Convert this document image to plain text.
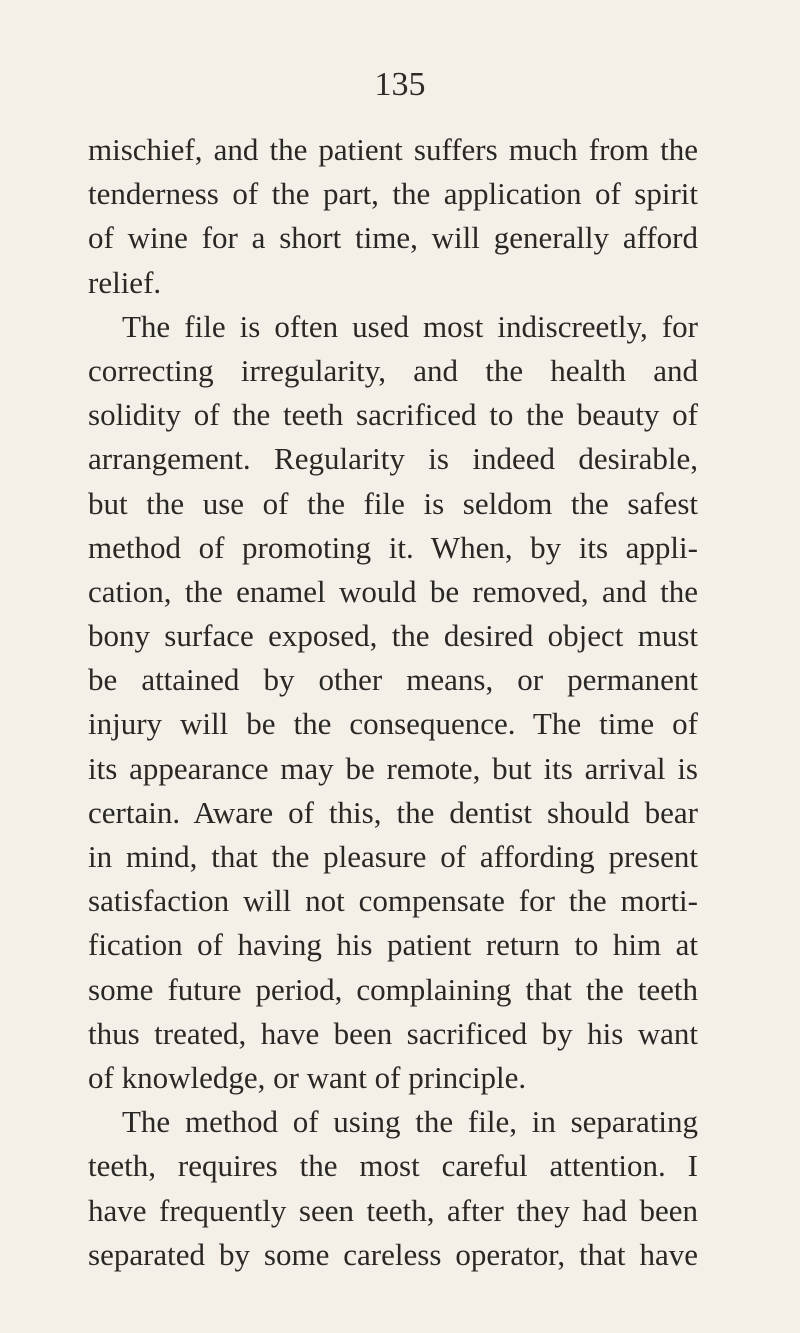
135
mischief, and the patient suffers much from the
tenderness of the part, the application of spirit
of wine for a short time, will generally afford
relief.
The file is often used most indiscreetly, for
correcting irregularity, and the health and
solidity of the teeth sacrificed to the beauty of
arrangement. Regularity is indeed desirable,
but the use of the file is seldom the safest
method of promoting it. When, by its appli-
cation, the enamel would be removed, and the
bony surface exposed, the desired object must
be attained by other means, or permanent
injury will be the consequence. The time of
its appearance may be remote, but its arrival is
certain. Aware of this, the dentist should bear
in mind, that the pleasure of affording present
satisfaction will not compensate for the morti-
fication of having his patient return to him at
some future period, complaining that the teeth
thus treated, have been sacrificed by his want
of knowledge, or want of principle.
The method of using the file, in separating
teeth, requires the most careful attention. I
have frequently seen teeth, after they had been
separated by some careless operator, that have
